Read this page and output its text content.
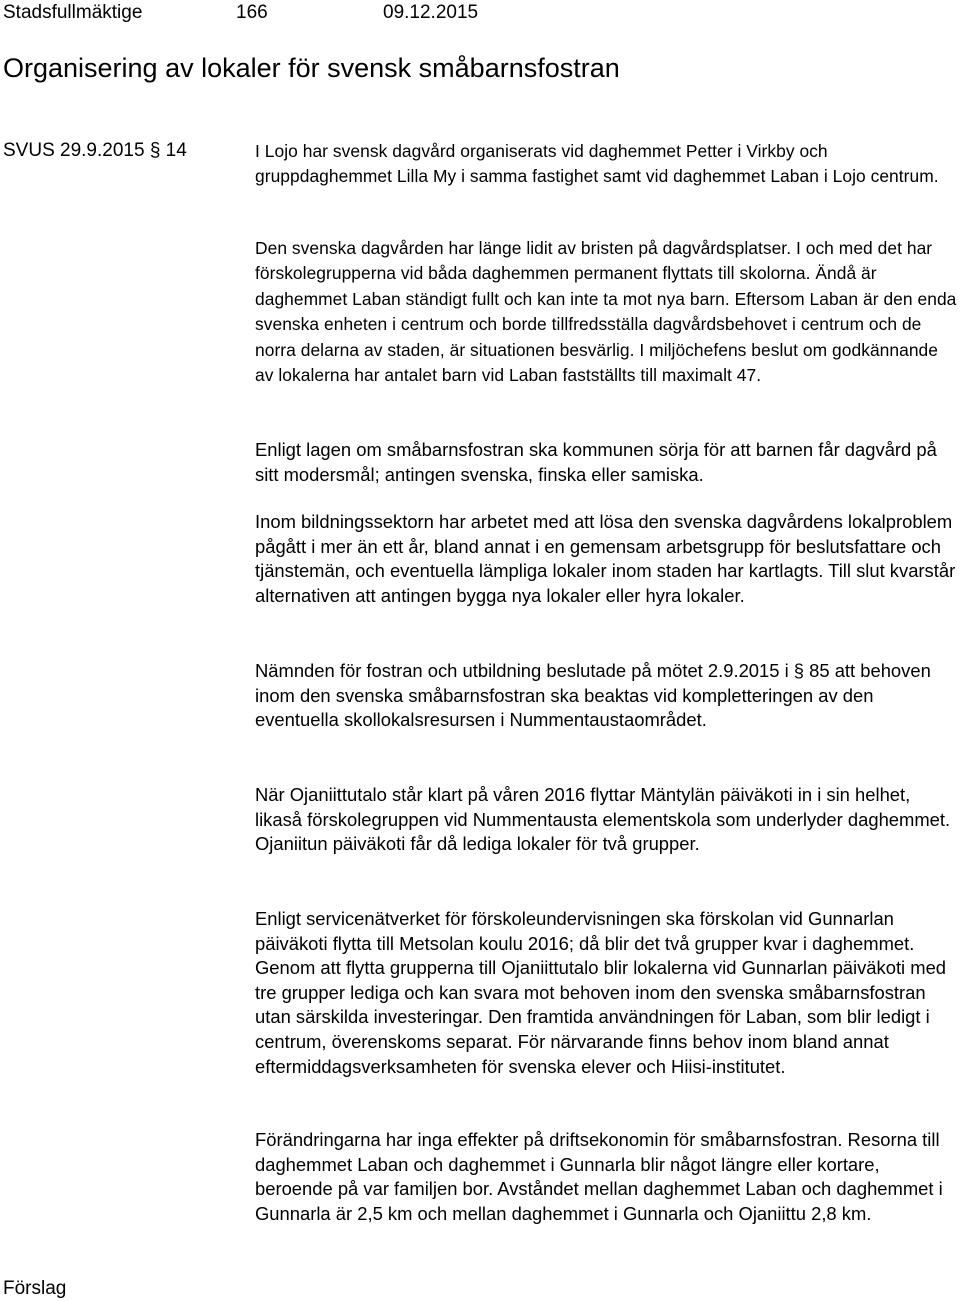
Stadsfullmäktige	166	09.12.2015
Organisering av lokaler för svensk småbarnsfostran
SVUS 29.9.2015 § 14	I Lojo har svensk dagvård organiserats vid daghemmet Petter i Virkby och gruppdaghemmet Lilla My i samma fastighet samt vid daghemmet Laban i Lojo centrum.

Den svenska dagvården har länge lidit av bristen på dagvårdsplatser. I och med det har förskolegrupperna vid båda daghemmen permanent flyttats till skolorna. Ändå är daghemmet Laban ständigt fullt och kan inte ta mot nya barn. Eftersom Laban är den enda svenska enheten i centrum och borde tillfredsställa dagvårdsbehovet i centrum och de norra delarna av staden, är situationen besvärlig. I miljöchefens beslut om godkännande av lokalerna har antalet barn vid Laban fastställts till maximalt 47.

Enligt lagen om småbarnsfostran ska kommunen sörja för att barnen får dagvård på sitt modersmål; antingen svenska, finska eller samiska.

Inom bildningssektorn har arbetet med att lösa den svenska dagvårdens lokalproblem pågått i mer än ett år, bland annat i en gemensam arbetsgrupp för beslutsfattare och tjänstemän, och eventuella lämpliga lokaler inom staden har kartlagts. Till slut kvarstår alternativen att antingen bygga nya lokaler eller hyra lokaler.

Nämnden för fostran och utbildning beslutade på mötet 2.9.2015 i § 85 att behoven inom den svenska småbarnsfostran ska beaktas vid kompletteringen av den eventuella skollokalsresursen i Nummentaustaområdet.

När Ojaniittutalo står klart på våren 2016 flyttar Mäntylän päiväkoti in i sin helhet, likaså förskolegruppen vid Nummentausta elementskola som underlyder daghemmet. Ojaniitun päiväkoti får då lediga lokaler för två grupper.

Enligt servicenätverket för förskoleundervisningen ska förskolan vid Gunnarlan päiväkoti flytta till Metsolan koulu 2016; då blir det två grupper kvar i daghemmet. Genom att flytta grupperna till Ojaniittutalo blir lokalerna vid Gunnarlan päiväkoti med tre grupper lediga och kan svara mot behoven inom den svenska småbarnsfostran utan särskilda investeringar. Den framtida användningen för Laban, som blir ledigt i centrum, överenskoms separat. För närvarande finns behov inom bland annat eftermiddagsverksamheten för svenska elever och Hiisi-institutet.

Förändringarna har inga effekter på driftsekonomin för småbarnsfostran. Resorna till daghemmet Laban och daghemmet i Gunnarla blir något längre eller kortare, beroende på var familjen bor. Avståndet mellan daghemmet Laban och daghemmet i Gunnarla är 2,5 km och mellan daghemmet i Gunnarla och Ojaniittu 2,8 km.

Förslag
